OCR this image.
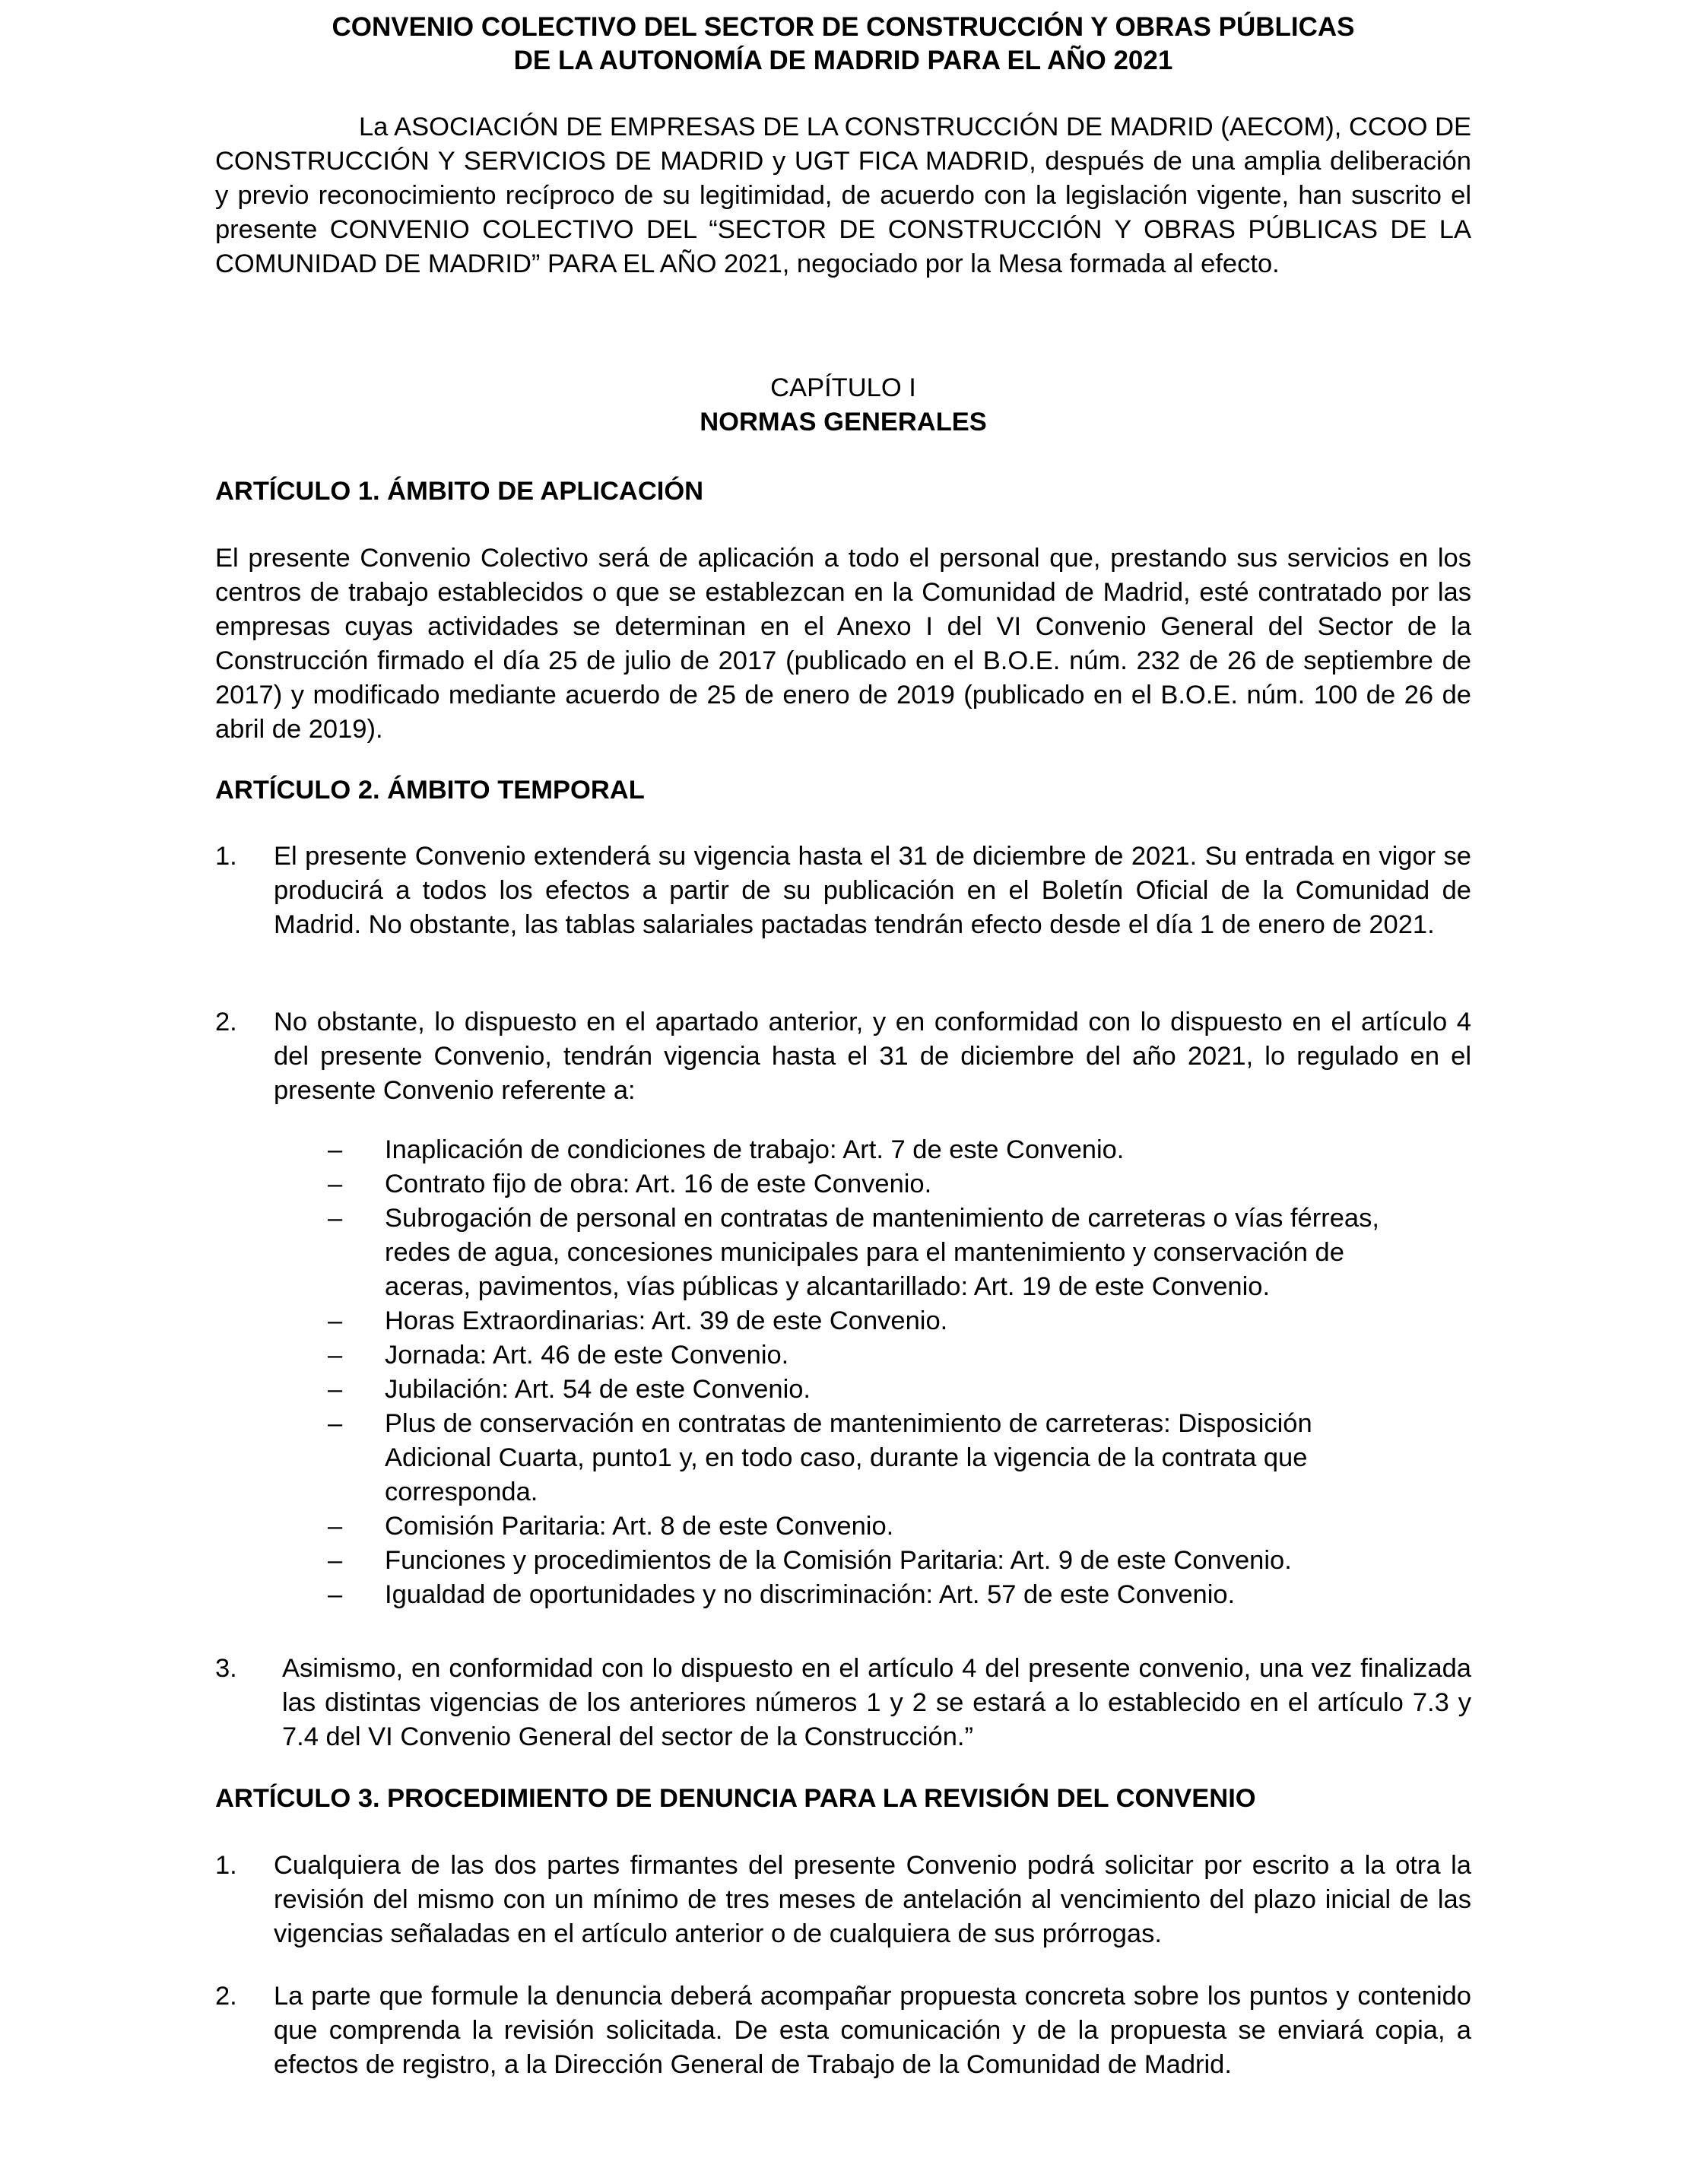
CONVENIO COLECTIVO DEL SECTOR DE CONSTRUCCIÓN Y OBRAS PÚBLICAS
DE LA AUTONOMÍA DE MADRID PARA EL AÑO 2021
La ASOCIACIÓN DE EMPRESAS DE LA CONSTRUCCIÓN DE MADRID (AECOM), CCOO DE CONSTRUCCIÓN Y SERVICIOS DE MADRID y UGT FICA MADRID, después de una amplia deliberación y previo reconocimiento recíproco de su legitimidad, de acuerdo con la legislación vigente, han suscrito el presente CONVENIO COLECTIVO DEL “SECTOR DE CONSTRUCCIÓN Y OBRAS PÚBLICAS DE LA COMUNIDAD DE MADRID” PARA EL AÑO 2021, negociado por la Mesa formada al efecto.
CAPÍTULO I
NORMAS GENERALES
ARTÍCULO 1. ÁMBITO DE APLICACIÓN
El presente Convenio Colectivo será de aplicación a todo el personal que, prestando sus servicios en los centros de trabajo establecidos o que se establezcan en la Comunidad de Madrid, esté contratado por las empresas cuyas actividades se determinan en el Anexo I del VI Convenio General del Sector de la Construcción firmado el día 25 de julio de 2017 (publicado en el B.O.E. núm. 232 de 26 de septiembre de 2017) y modificado mediante acuerdo de 25 de enero de 2019 (publicado en el B.O.E. núm. 100 de 26 de abril de 2019).
ARTÍCULO 2. ÁMBITO TEMPORAL
1. El presente Convenio extenderá su vigencia hasta el 31 de diciembre de 2021. Su entrada en vigor se producirá a todos los efectos a partir de su publicación en el Boletín Oficial de la Comunidad de Madrid. No obstante, las tablas salariales pactadas tendrán efecto desde el día 1 de enero de 2021.
2. No obstante, lo dispuesto en el apartado anterior, y en conformidad con lo dispuesto en el artículo 4 del presente Convenio, tendrán vigencia hasta el 31 de diciembre del año 2021, lo regulado en el presente Convenio referente a:
– Inaplicación de condiciones de trabajo: Art. 7 de este Convenio.
– Contrato fijo de obra: Art. 16 de este Convenio.
– Subrogación de personal en contratas de mantenimiento de carreteras o vías férreas, redes de agua, concesiones municipales para el mantenimiento y conservación de aceras, pavimentos, vías públicas y alcantarillado: Art. 19 de este Convenio.
– Horas Extraordinarias: Art. 39 de este Convenio.
– Jornada: Art. 46 de este Convenio.
– Jubilación: Art. 54 de este Convenio.
– Plus de conservación en contratas de mantenimiento de carreteras: Disposición Adicional Cuarta, punto1 y, en todo caso, durante la vigencia de la contrata que corresponda.
– Comisión Paritaria: Art. 8 de este Convenio.
– Funciones y procedimientos de la Comisión Paritaria: Art. 9 de este Convenio.
– Igualdad de oportunidades y no discriminación: Art. 57 de este Convenio.
3. Asimismo, en conformidad con lo dispuesto en el artículo 4 del presente convenio, una vez finalizada las distintas vigencias de los anteriores números 1 y 2 se estará a lo establecido en el artículo 7.3 y 7.4 del VI Convenio General del sector de la Construcción.”
ARTÍCULO 3. PROCEDIMIENTO DE DENUNCIA PARA LA REVISIÓN DEL CONVENIO
1. Cualquiera de las dos partes firmantes del presente Convenio podrá solicitar por escrito a la otra la revisión del mismo con un mínimo de tres meses de antelación al vencimiento del plazo inicial de las vigencias señaladas en el artículo anterior o de cualquiera de sus prórrogas.
2. La parte que formule la denuncia deberá acompañar propuesta concreta sobre los puntos y contenido que comprenda la revisión solicitada. De esta comunicación y de la propuesta se enviará copia, a efectos de registro, a la Dirección General de Trabajo de la Comunidad de Madrid.
